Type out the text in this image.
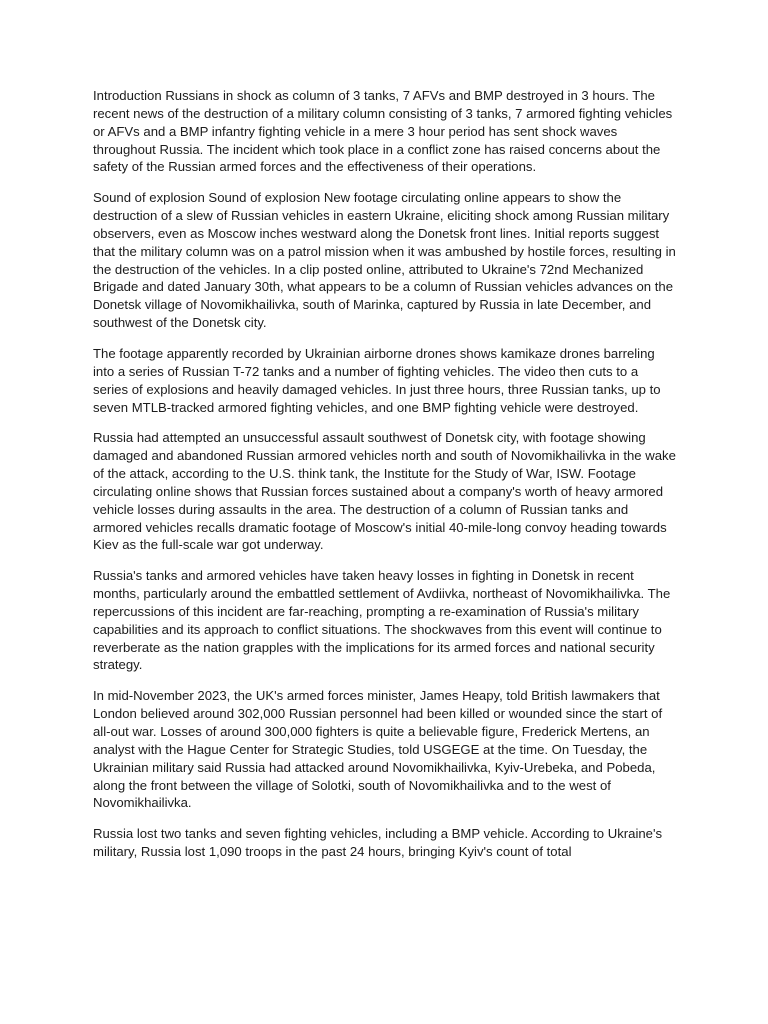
Introduction Russians in shock as column of 3 tanks, 7 AFVs and BMP destroyed in 3 hours. The recent news of the destruction of a military column consisting of 3 tanks, 7 armored fighting vehicles or AFVs and a BMP infantry fighting vehicle in a mere 3 hour period has sent shock waves throughout Russia. The incident which took place in a conflict zone has raised concerns about the safety of the Russian armed forces and the effectiveness of their operations.

Sound of explosion Sound of explosion New footage circulating online appears to show the destruction of a slew of Russian vehicles in eastern Ukraine, eliciting shock among Russian military observers, even as Moscow inches westward along the Donetsk front lines. Initial reports suggest that the military column was on a patrol mission when it was ambushed by hostile forces, resulting in the destruction of the vehicles. In a clip posted online, attributed to Ukraine's 72nd Mechanized Brigade and dated January 30th, what appears to be a column of Russian vehicles advances on the Donetsk village of Novomikhailivka, south of Marinka, captured by Russia in late December, and southwest of the Donetsk city.

The footage apparently recorded by Ukrainian airborne drones shows kamikaze drones barreling into a series of Russian T-72 tanks and a number of fighting vehicles. The video then cuts to a series of explosions and heavily damaged vehicles. In just three hours, three Russian tanks, up to seven MTLB-tracked armored fighting vehicles, and one BMP fighting vehicle were destroyed.

Russia had attempted an unsuccessful assault southwest of Donetsk city, with footage showing damaged and abandoned Russian armored vehicles north and south of Novomikhailivka in the wake of the attack, according to the U.S. think tank, the Institute for the Study of War, ISW. Footage circulating online shows that Russian forces sustained about a company's worth of heavy armored vehicle losses during assaults in the area. The destruction of a column of Russian tanks and armored vehicles recalls dramatic footage of Moscow's initial 40-mile-long convoy heading towards Kiev as the full-scale war got underway.

Russia's tanks and armored vehicles have taken heavy losses in fighting in Donetsk in recent months, particularly around the embattled settlement of Avdiivka, northeast of Novomikhailivka. The repercussions of this incident are far-reaching, prompting a re-examination of Russia's military capabilities and its approach to conflict situations. The shockwaves from this event will continue to reverberate as the nation grapples with the implications for its armed forces and national security strategy.

In mid-November 2023, the UK's armed forces minister, James Heapy, told British lawmakers that London believed around 302,000 Russian personnel had been killed or wounded since the start of all-out war. Losses of around 300,000 fighters is quite a believable figure, Frederick Mertens, an analyst with the Hague Center for Strategic Studies, told USGEGE at the time. On Tuesday, the Ukrainian military said Russia had attacked around Novomikhailivka, Kyiv-Urebeka, and Pobeda, along the front between the village of Solotki, south of Novomikhailivka and to the west of Novomikhailivka.

Russia lost two tanks and seven fighting vehicles, including a BMP vehicle. According to Ukraine's military, Russia lost 1,090 troops in the past 24 hours, bringing Kyiv's count of total
